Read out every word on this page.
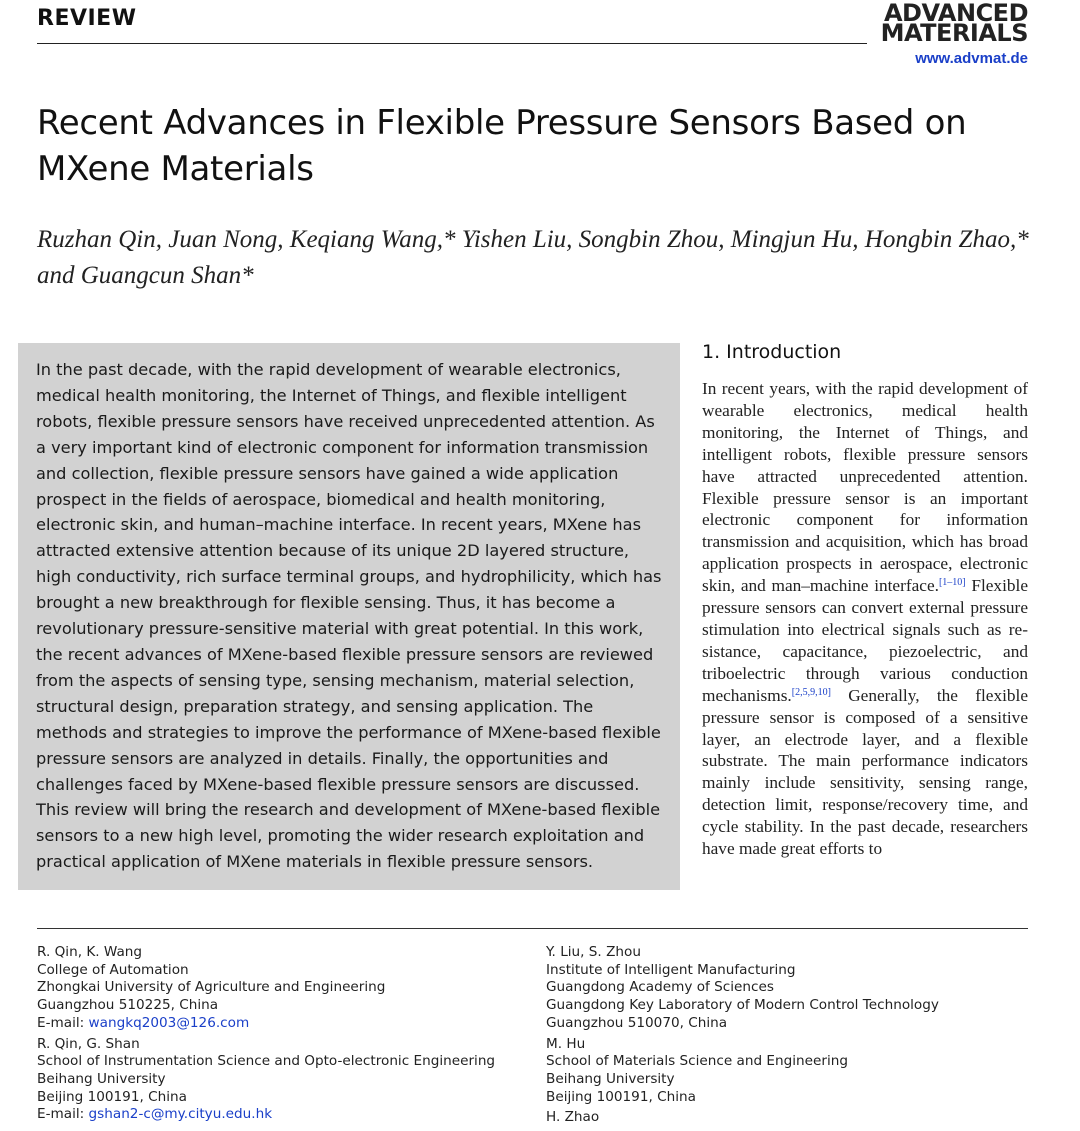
REVIEW	ADVANCED
MATERIALS
www.advmat.de
Recent Advances in Flexible Pressure Sensors Based on MXene Materials
Ruzhan Qin, Juan Nong, Keqiang Wang,* Yishen Liu, Songbin Zhou, Mingjun Hu, Hongbin Zhao,* and Guangcun Shan*
In the past decade, with the rapid development of wearable electronics, medical health monitoring, the Internet of Things, and flexible intelligent robots, flexible pressure sensors have received unprecedented attention. As a very important kind of electronic component for information transmission and collection, flexible pressure sensors have gained a wide application prospect in the fields of aerospace, biomedical and health monitoring, electronic skin, and human–machine interface. In recent years, MXene has attracted extensive attention because of its unique 2D layered structure, high conductivity, rich surface terminal groups, and hydrophilicity, which has brought a new breakthrough for flexible sensing. Thus, it has become a revolutionary pressure-sensitive material with great potential. In this work, the recent advances of MXene-based flexible pressure sensors are reviewed from the aspects of sensing type, sensing mechanism, material selection, structural design, preparation strategy, and sensing application. The methods and strategies to improve the performance of MXene-based flexible pressure sensors are analyzed in details. Finally, the opportunities and challenges faced by MXene-based flexible pressure sensors are discussed. This review will bring the research and development of MXene-based flexible sensors to a new high level, promoting the wider research exploitation and practical application of MXene materials in flexible pressure sensors.
1. Introduction
In recent years, with the rapid development of wearable electronics, medical health monitoring, the Internet of Things, and intelligent robots, flexible pressure sensors have attracted unprecedented attention. Flexible pressure sensor is an important electronic component for information transmission and acquisition, which has broad application prospects in aerospace, electronic skin, and man–machine interface.[1–10] Flexible pressure sensors can convert external pressure stimulation into electrical signals such as resistance, capacitance, piezoelectric, and triboelectric through various conduction mechanisms.[2,5,9,10] Generally, the flexible pressure sensor is composed of a sensitive layer, an electrode layer, and a flexible substrate. The main performance indicators mainly include sensitivity, sensing range, detection limit, response/recovery time, and cycle stability. In the past decade, researchers have made great efforts to
R. Qin, K. Wang
College of Automation
Zhongkai University of Agriculture and Engineering
Guangzhou 510225, China
E-mail: wangkq2003@126.com
R. Qin, G. Shan
School of Instrumentation Science and Opto-electronic Engineering
Beihang University
Beijing 100191, China
E-mail: gshan2-c@my.cityu.edu.hk
Y. Liu, S. Zhou
Institute of Intelligent Manufacturing
Guangdong Academy of Sciences
Guangdong Key Laboratory of Modern Control Technology
Guangzhou 510070, China
M. Hu
School of Materials Science and Engineering
Beihang University
Beijing 100191, China
H. Zhao
